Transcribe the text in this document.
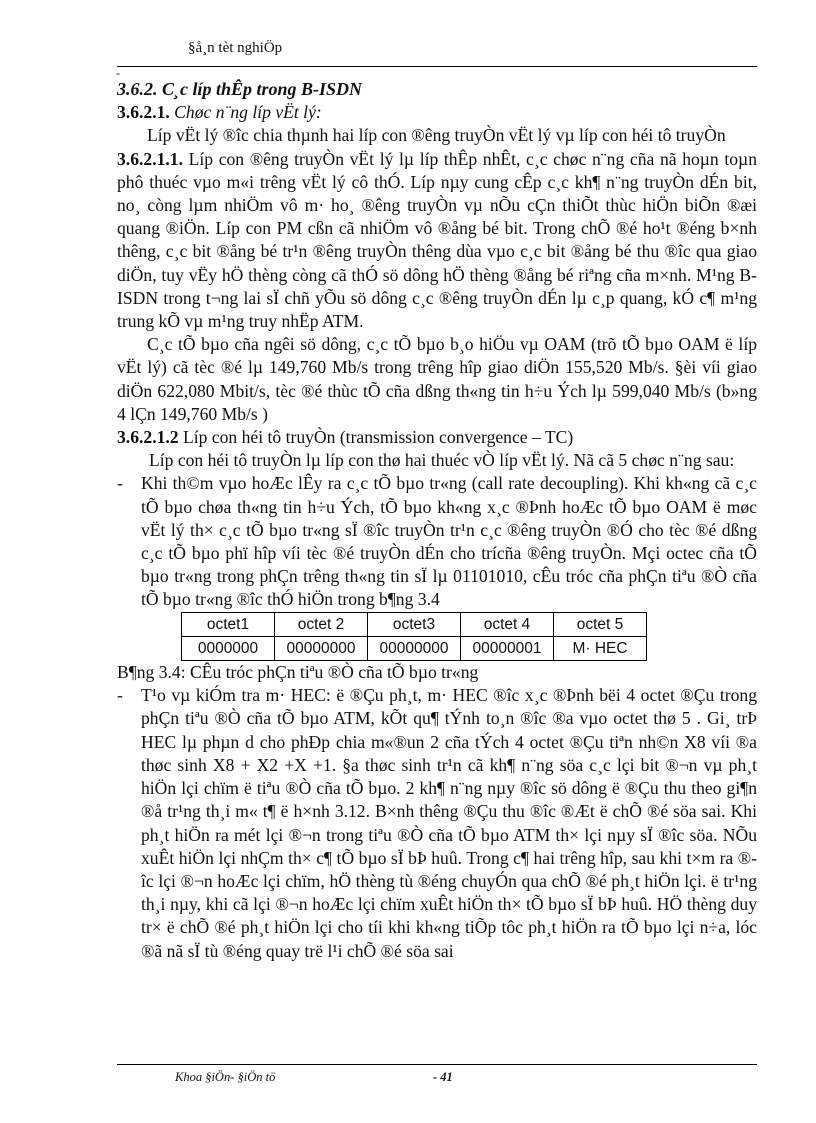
§å¸n tèt nghiÖp
-

3.6.2. C¸c líp thÊp trong B-ISDN

3.6.2.1. Chøc n¨ng líp vËt lý:

Líp vËt lý ®îc chia thµnh hai líp con ®êng truyÒn vËt lý vµ líp con héi tô truyÒn

3.6.2.1.1. Líp con ®êng truyÒn vËt lý lµ líp thÊp nhÊt, c¸c chøc n¨ng cña nã hoµn toµn phô thuéc vµo m«i trêng vËt lý cô thÓ. Líp nµy cung cÊp c¸c kh¶ n¨ng truyÒn dÉn bit, no¸ còng lµm nhiÖm vô m· ho¸ ®êng truyÒn vµ nÕu cÇn thiÕt thùc hiÖn biÕn ®æi quang ®iÖn. Líp con PM cßn cã nhiÖm vô ®ång bé bit. Trong chÕ ®é ho¹t ®éng b×nh thêng, c¸c bit ®ång bé tr¹n ®êng truyÒn thêng dùa vµo c¸c bit ®ång bé thu ®îc qua giao diÖn, tuy vËy hÖ thèng còng cã thÓ sö dông hÖ thèng ®ång bé riªng cña m×nh. M¹ng B-ISDN trong t¬ng lai sÏ chñ yÕu sö dông c¸c ®êng truyÒn dÉn lµ c¸p quang, kÓ c¶ m¹ng trung kÕ vµ m¹ng truy nhËp ATM.

C¸c tÕ bµo cña ngêi sö dông, c¸c tÕ bµo b¸o hiÖu vµ OAM (trõ tÕ bµo OAM ë líp vËt lý) cã tèc ®é lµ 149,760 Mb/s trong trêng hîp giao diÖn 155,520 Mb/s. §èi víi giao diÖn 622,080 Mbit/s, tèc ®é thùc tÕ cña dßng th«ng tin h÷u Ých lµ 599,040 Mb/s (b»ng 4 lÇn 149,760 Mb/s )

3.6.2.1.2 Líp con héi tô truyÒn (transmission convergence – TC)

Líp con héi tô truyÒn lµ líp con thø hai thuéc vÒ líp vËt lý. Nã cã 5 chøc n¨ng sau:

- Khi th©m vµo hoÆc lÊy ra c¸c tÕ bµo tr«ng (call rate decoupling). Khi kh«ng cã c¸c tÕ bµo chøa th«ng tin h÷u Ých, tÕ bµo kh«ng x¸c ®Þnh hoÆc tÕ bµo OAM ë møc vËt lý th× c¸c tÕ bµo tr«ng sÏ ®îc truyÒn tr¹n c¸c ®êng truyÒn ®Ó cho tèc ®é dßng c¸c tÕ bµo phï hîp víi tèc ®é truyÒn dÉn cho trícña ®êng truyÒn. Mçi octec cña tÕ bµo tr«ng trong phÇn trêng th«ng tin sÏ lµ 01101010, cÊu tróc cña phÇn tiªu ®Ò cña tÕ bµo tr«ng ®îc thÓ hiÖn trong b¶ng 3.4

octet1	octet 2	octet3	octet 4	octet 5
0000000	00000000	00000000	00000001	M· HEC

B¶ng 3.4: CÊu tróc phÇn tiªu ®Ò cña tÕ bµo tr«ng

- T¹o vµ kiÓm tra m· HEC: ë ®Çu ph¸t, m· HEC ®îc x¸c ®Þnh bëi 4 octet ®Çu trong phÇn tiªu ®Ò cña tÕ bµo ATM, kÕt qu¶ tÝnh to¸n ®îc ®a vµo octet thø 5 . Gi¸ trÞ HEC lµ phµn d cho phÐp chia m«®un 2 cña tÝch 4 octet ®Çu tiªn nh©n X8 víi ®a thøc sinh X8 + X2 +X +1. §a thøc sinh tr¹n cã kh¶ n¨ng söa c¸c lçi bit ®¬n vµ ph¸t hiÖn lçi chïm ë tiªu ®Ò cña tÕ bµo. 2 kh¶ n¨ng nµy ®îc sö dông ë ®Çu thu theo gi¶n ®å tr¹ng th¸i m« t¶ ë h×nh 3.12. B×nh thêng ®Çu thu ®îc ®Æt ë chÕ ®é söa sai. Khi ph¸t hiÖn ra mét lçi ®¬n trong tiªu ®Ò cña tÕ bµo ATM th× lçi nµy sÏ ®îc söa. NÕu xuÊt hiÖn lçi nhÇm th× c¶ tÕ bµo sÏ bÞ huû. Trong c¶ hai trêng hîp, sau khi t×m ra ®îc lçi ®¬n hoÆc lçi chïm, hÖ thèng tù ®éng chuyÓn qua chÕ ®é ph¸t hiÖn lçi. ë tr¹ng th¸i nµy, khi cã lçi ®¬n hoÆc lçi chïm xuÊt hiÖn th× tÕ bµo sÏ bÞ huû. HÖ thèng duy tr× ë chÕ ®é ph¸t hiÖn lçi cho tíi khi kh«ng tiÕp tôc ph¸t hiÖn ra tÕ bµo lçi n÷a, lóc ®ã nã sÏ tù ®éng quay trë l¹i chÕ ®é söa sai

Khoa §iÖn- §iÖn tö	- 41
